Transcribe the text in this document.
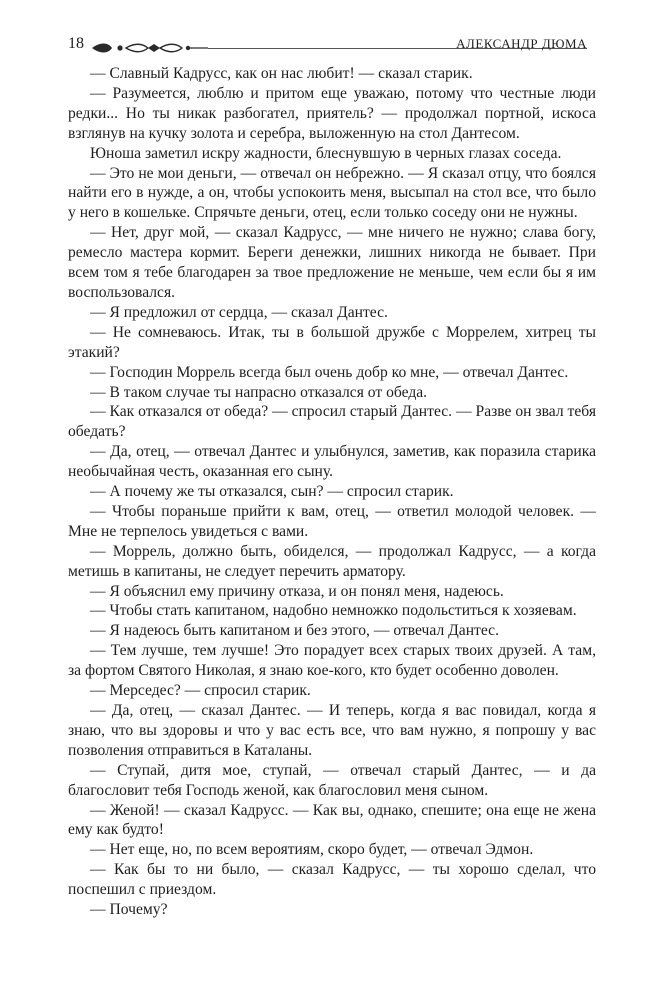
18	АЛЕКСАНДР ДЮМА

— Славный Кадрусс, как он нас любит! — сказал старик.

— Разумеется, люблю и притом еще уважаю, потому что честные люди редки... Но ты никак разбогател, приятель? — продолжал портной, искоса взглянув на кучку золота и серебра, выложенную на стол Дантесом.

Юноша заметил искру жадности, блеснувшую в черных глазах соседа.

— Это не мои деньги, — отвечал он небрежно. — Я сказал отцу, что боялся найти его в нужде, а он, чтобы успокоить меня, высыпал на стол все, что было у него в кошельке. Спрячьте деньги, отец, если только соседу они не нужны.

— Нет, друг мой, — сказал Кадрусс, — мне ничего не нужно; слава богу, ремесло мастера кормит. Береги денежки, лишних никогда не бывает. При всем том я тебе благодарен за твое предложение не меньше, чем если бы я им воспользовался.

— Я предложил от сердца, — сказал Дантес.

— Не сомневаюсь. Итак, ты в большой дружбе с Моррелем, хитрец ты этакий?

— Господин Моррель всегда был очень добр ко мне, — отвечал Дантес.

— В таком случае ты напрасно отказался от обеда.

— Как отказался от обеда? — спросил старый Дантес. — Разве он звал тебя обедать?

— Да, отец, — отвечал Дантес и улыбнулся, заметив, как поразила старика необычайная честь, оказанная его сыну.

— А почему же ты отказался, сын? — спросил старик.

— Чтобы пораньше прийти к вам, отец, — ответил молодой человек. — Мне не терпелось увидеться с вами.

— Моррель, должно быть, обиделся, — продолжал Кадрусс, — а когда метишь в капитаны, не следует перечить арматору.

— Я объяснил ему причину отказа, и он понял меня, надеюсь.

— Чтобы стать капитаном, надобно немножко подольститься к хозяевам.

— Я надеюсь быть капитаном и без этого, — отвечал Дантес.

— Тем лучше, тем лучше! Это порадует всех старых твоих друзей. А там, за фортом Святого Николая, я знаю кое-кого, кто будет особенно доволен.

— Мерседес? — спросил старик.

— Да, отец, — сказал Дантес. — И теперь, когда я вас повидал, когда я знаю, что вы здоровы и что у вас есть все, что вам нужно, я попрошу у вас позволения отправиться в Каталаны.

— Ступай, дитя мое, ступай, — отвечал старый Дантес, — и да благословит тебя Господь женой, как благословил меня сыном.

— Женой! — сказал Кадрусс. — Как вы, однако, спешите; она еще не жена ему как будто!

— Нет еще, но, по всем вероятиям, скоро будет, — отвечал Эдмон.

— Как бы то ни было, — сказал Кадрусс, — ты хорошо сделал, что поспешил с приездом.

— Почему?
